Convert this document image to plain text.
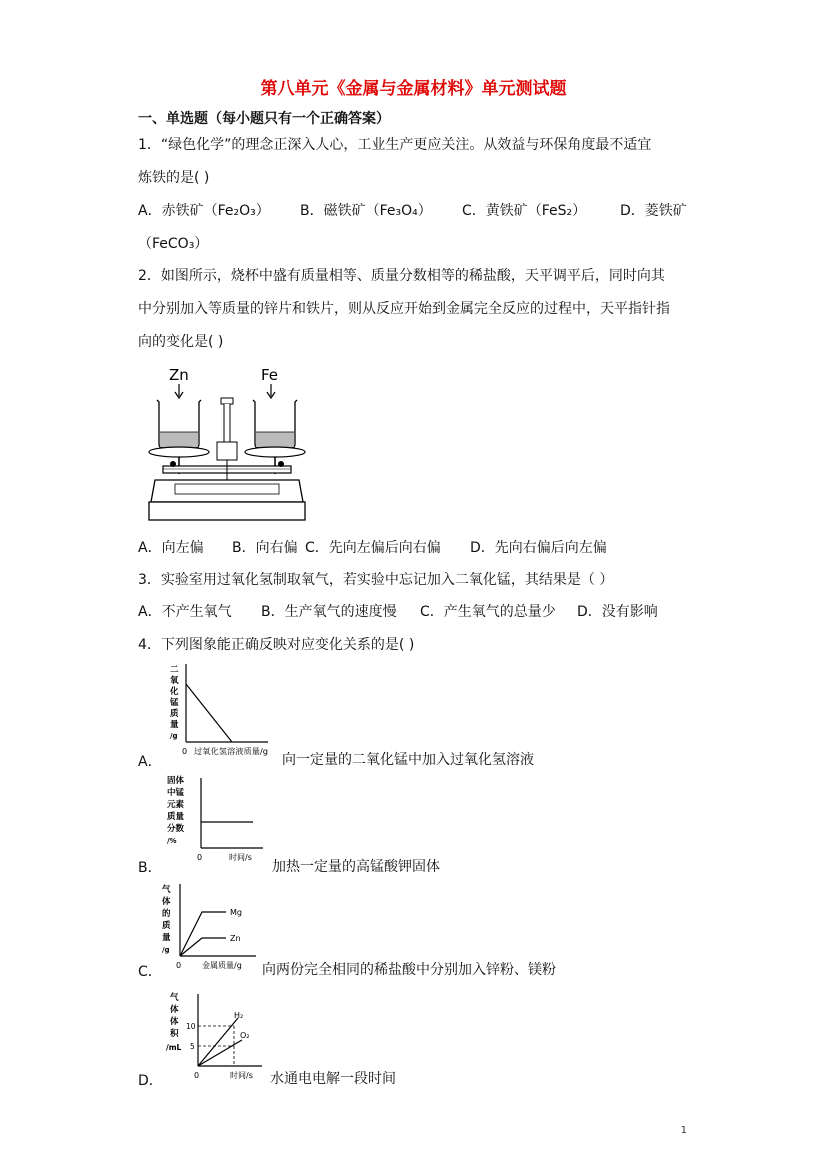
第八单元《金属与金属材料》单元测试题
一、单选题（每小题只有一个正确答案）
1．“绿色化学”的理念正深入人心，工业生产更应关注。从效益与环保角度最不适宜
炼铁的是( )
A．赤铁矿（Fe₂O₃） B．磁铁矿（Fe₃O₄） C．黄铁矿（FeS₂） D．菱铁矿
（FeCO₃）
2．如图所示，烧杯中盛有质量相等、质量分数相等的稀盐酸，天平调平后，同时向其
中分别加入等质量的锌片和铁片，则从反应开始到金属完全反应的过程中，天平指针指
向的变化是( )
Zn	Fe
A．向左偏 B．向右偏 C．先向左偏后向右偏 D．先向右偏后向左偏
3．实验室用过氧化氢制取氧气，若实验中忘记加入二氧化锰，其结果是（ ）
A．不产生氧气 B．生产氧气的速度慢 C．产生氧气的总量少 D．没有影响
4．下列图象能正确反映对应变化关系的是( )
A．
二
氧
化
锰
质
量
/g
0 过氧化氢溶液质量/g
向一定量的二氧化锰中加入过氧化氢溶液
B．
固体
中锰
元素
质量
分数
/%
0	时间/s
加热一定量的高锰酸钾固体
C．
气
体
的
质
量
/g
Mg
Zn
0	金属质量/g 向两份完全相同的稀盐酸中分别加入锌粉、镁粉
D．
气
体
体
积
/mL
H₂
O₂
10
5
0	时间/s 水通电电解一段时间
1
